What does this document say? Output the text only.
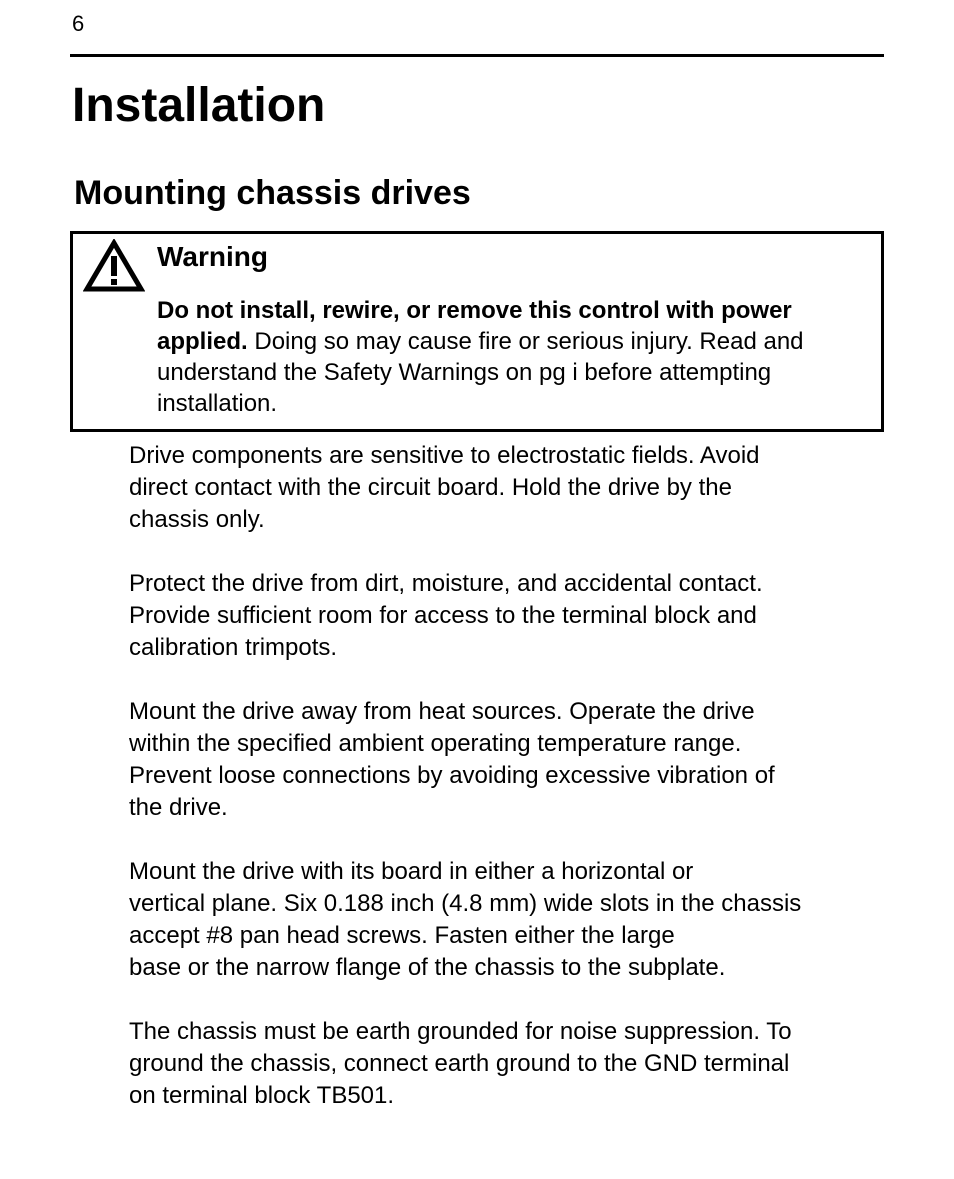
6
Installation
Mounting chassis drives
Warning

Do not install, rewire, or remove this control with power applied. Doing so may cause fire or serious injury. Read and understand the Safety Warnings on pg i before attempting installation.

Drive components are sensitive to electrostatic fields. Avoid
direct contact with the circuit board. Hold the drive by the
chassis only.

Protect the drive from dirt, moisture, and accidental contact.
Provide sufficient room for access to the terminal block and
calibration trimpots.

Mount the drive away from heat sources. Operate the drive
within the specified ambient operating temperature range.
Prevent loose connections by avoiding excessive vibration of
the drive.

Mount the drive with its board in either a horizontal or
vertical plane. Six 0.188 inch (4.8 mm) wide slots in the chassis
accept #8 pan head screws. Fasten either the large
base or the narrow flange of the chassis to the subplate.

The chassis must be earth grounded for noise suppression. To
ground the chassis, connect earth ground to the GND terminal
on terminal block TB501.
